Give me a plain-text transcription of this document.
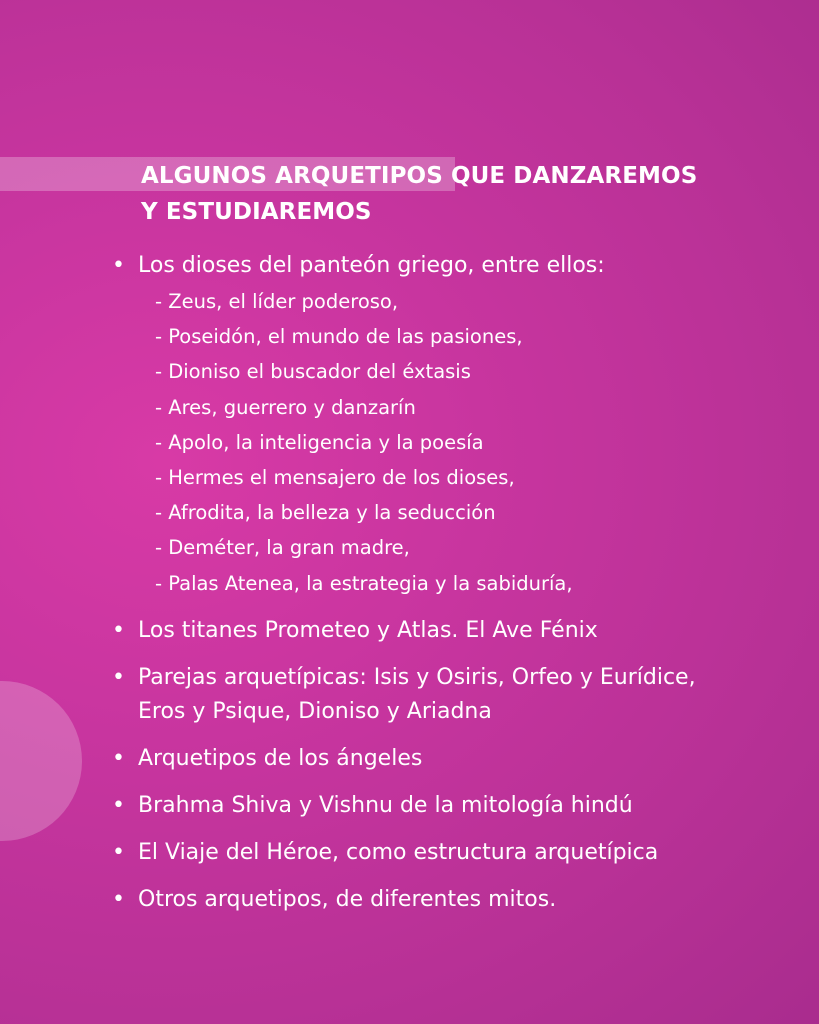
ALGUNOS ARQUETIPOS QUE DANZAREMOS
Y ESTUDIAREMOS
• Los dioses del panteón griego, entre ellos:
- Zeus, el líder poderoso,
- Poseidón, el mundo de las pasiones,
- Dioniso el buscador del éxtasis
- Ares, guerrero y danzarín
- Apolo, la inteligencia y la poesía
- Hermes el mensajero de los dioses,
- Afrodita, la belleza y la seducción
- Deméter, la gran madre,
- Palas Atenea, la estrategia y la sabiduría,
• Los titanes Prometeo y Atlas. El Ave Fénix
• Parejas arquetípicas: Isis y Osiris, Orfeo y Eurídice,
Eros y Psique, Dioniso y Ariadna
• Arquetipos de los ángeles
• Brahma Shiva y Vishnu de la mitología hindú
• El Viaje del Héroe, como estructura arquetípica
• Otros arquetipos, de diferentes mitos.
